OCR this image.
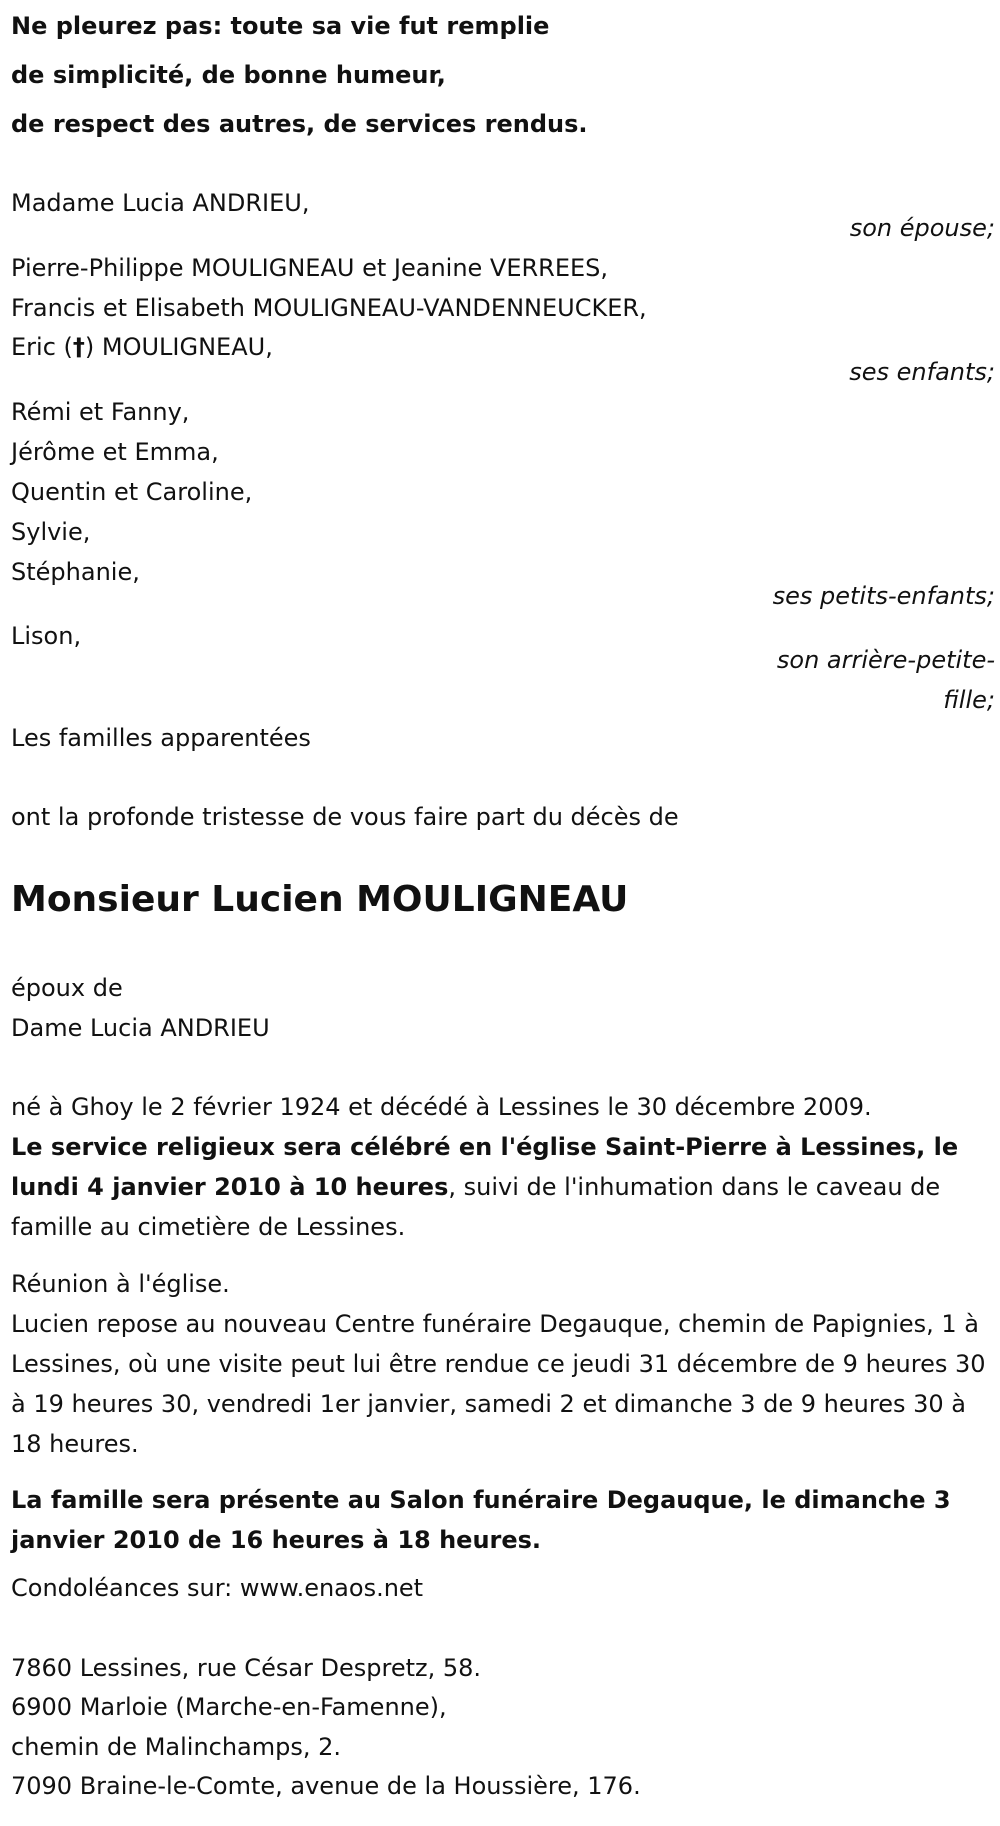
Ne pleurez pas: toute sa vie fut remplie
de simplicité, de bonne humeur,
de respect des autres, de services rendus.
Madame Lucia ANDRIEU,
son épouse;
Pierre-Philippe MOULIGNEAU et Jeanine VERREES,
Francis et Elisabeth MOULIGNEAU-VANDENNEUCKER,
Eric (†) MOULIGNEAU,
ses enfants;
Rémi et Fanny,
Jérôme et Emma,
Quentin et Caroline,
Sylvie,
Stéphanie,
ses petits-enfants;
Lison,
son arrière-petite-
fille;
Les familles apparentées
ont la profonde tristesse de vous faire part du décès de
Monsieur Lucien MOULIGNEAU
époux de
Dame Lucia ANDRIEU
né à Ghoy le 2 février 1924 et décédé à Lessines le 30 décembre 2009.
Le service religieux sera célébré en l'église Saint-Pierre à Lessines, le lundi 4 janvier 2010 à 10 heures, suivi de l'inhumation dans le caveau de famille au cimetière de Lessines.
Réunion à l'église.
Lucien repose au nouveau Centre funéraire Degauque, chemin de Papignies, 1 à Lessines, où une visite peut lui être rendue ce jeudi 31 décembre de 9 heures 30 à 19 heures 30, vendredi 1er janvier, samedi 2 et dimanche 3 de 9 heures 30 à 18 heures.
La famille sera présente au Salon funéraire Degauque, le dimanche 3 janvier 2010 de 16 heures à 18 heures.
Condoléances sur: www.enaos.net
7860 Lessines, rue César Despretz, 58.
6900 Marloie (Marche-en-Famenne),
chemin de Malinchamps, 2.
7090 Braine-le-Comte, avenue de la Houssière, 176.
